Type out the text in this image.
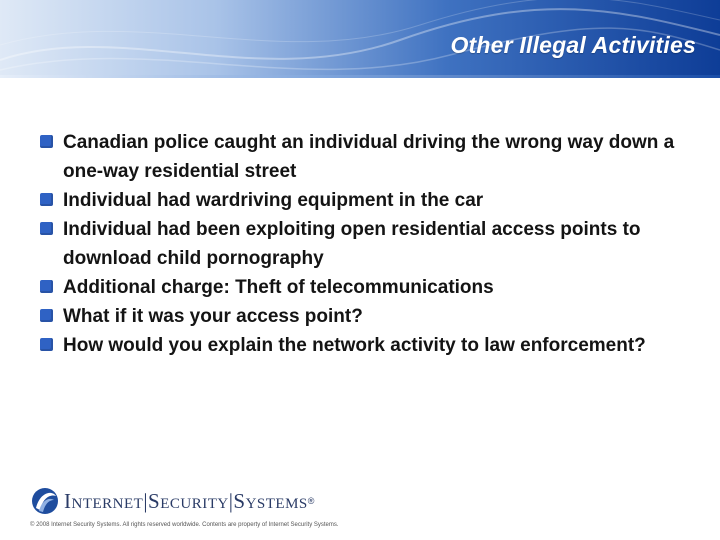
Other Illegal Activities
Canadian police caught an individual driving the wrong way down a one-way residential street
Individual had wardriving equipment in the car
Individual had been exploiting open residential access points to download child pornography
Additional charge: Theft of telecommunications
What if it was your access point?
How would you explain the network activity to law enforcement?
Internet|Security|Systems ®
© 2008 Internet Security Systems. All rights reserved worldwide. Contents are property of Internet Security Systems.
